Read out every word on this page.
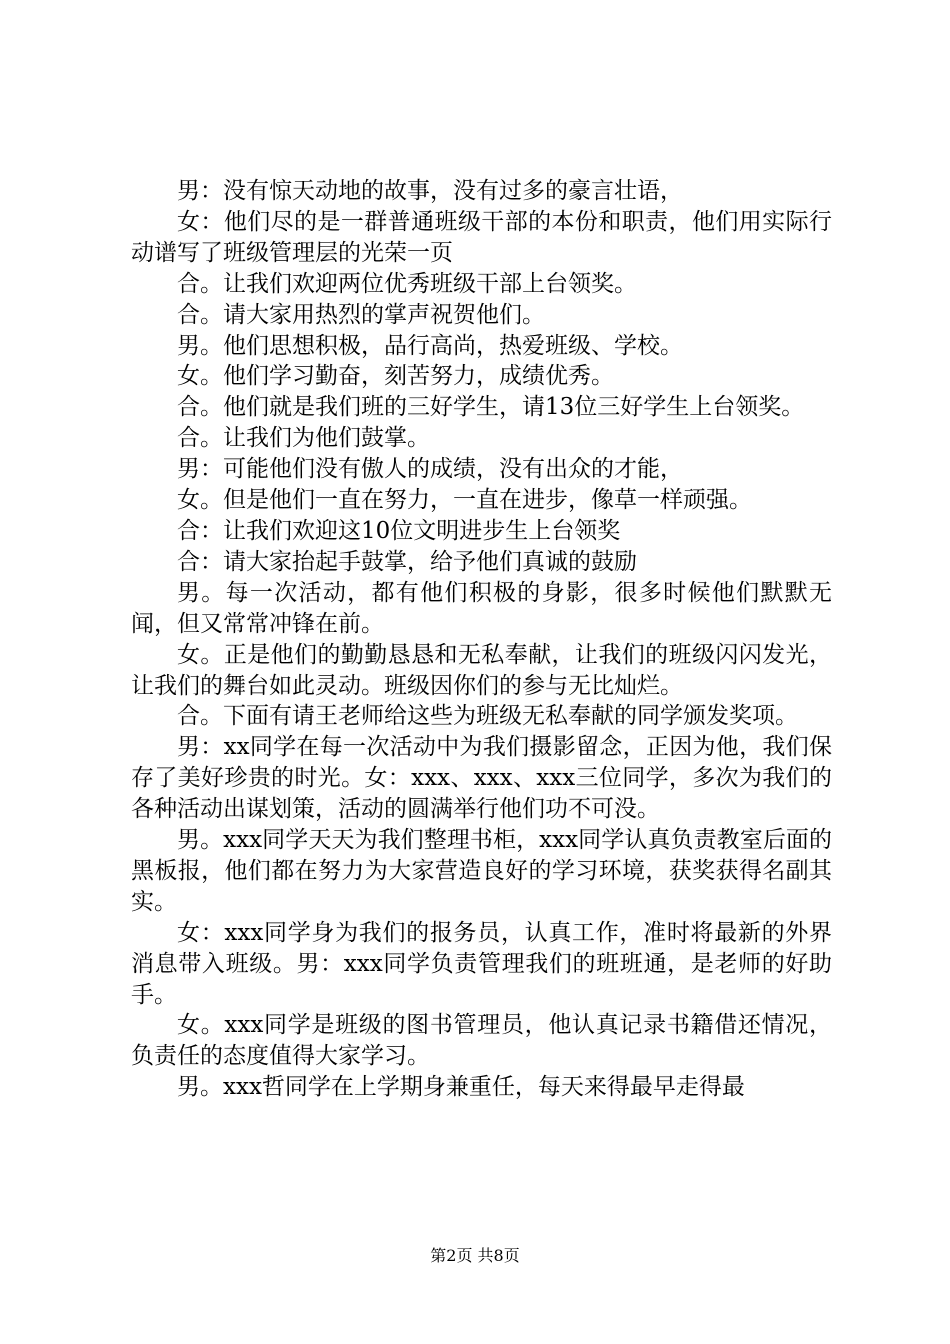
男：没有惊天动地的故事，没有过多的豪言壮语，

女：他们尽的是一群普通班级干部的本份和职责，他们用实际行动谱写了班级管理层的光荣一页

合。让我们欢迎两位优秀班级干部上台领奖。

合。请大家用热烈的掌声祝贺他们。

男。他们思想积极，品行高尚，热爱班级、学校。

女。他们学习勤奋，刻苦努力，成绩优秀。

合。他们就是我们班的三好学生，请13位三好学生上台领奖。

合。让我们为他们鼓掌。

男：可能他们没有傲人的成绩，没有出众的才能，

女。但是他们一直在努力，一直在进步，像草一样顽强。

合：让我们欢迎这10位文明进步生上台领奖

合：请大家抬起手鼓掌，给予他们真诚的鼓励

男。每一次活动，都有他们积极的身影，很多时候他们默默无闻，但又常常冲锋在前。

女。正是他们的勤勤恳恳和无私奉献，让我们的班级闪闪发光，让我们的舞台如此灵动。班级因你们的参与无比灿烂。

合。下面有请王老师给这些为班级无私奉献的同学颁发奖项。

男：xx同学在每一次活动中为我们摄影留念，正因为他，我们保存了美好珍贵的时光。女：xxx、xxx、xxx三位同学，多次为我们的各种活动出谋划策，活动的圆满举行他们功不可没。

男。xxx同学天天为我们整理书柜，xxx同学认真负责教室后面的黑板报，他们都在努力为大家营造良好的学习环境，获奖获得名副其实。

女：xxx同学身为我们的报务员，认真工作，准时将最新的外界消息带入班级。男：xxx同学负责管理我们的班班通，是老师的好助手。

女。xxx同学是班级的图书管理员，他认真记录书籍借还情况，负责任的态度值得大家学习。

男。xxx哲同学在上学期身兼重任，每天来得最早走得最

第2页 共8页
